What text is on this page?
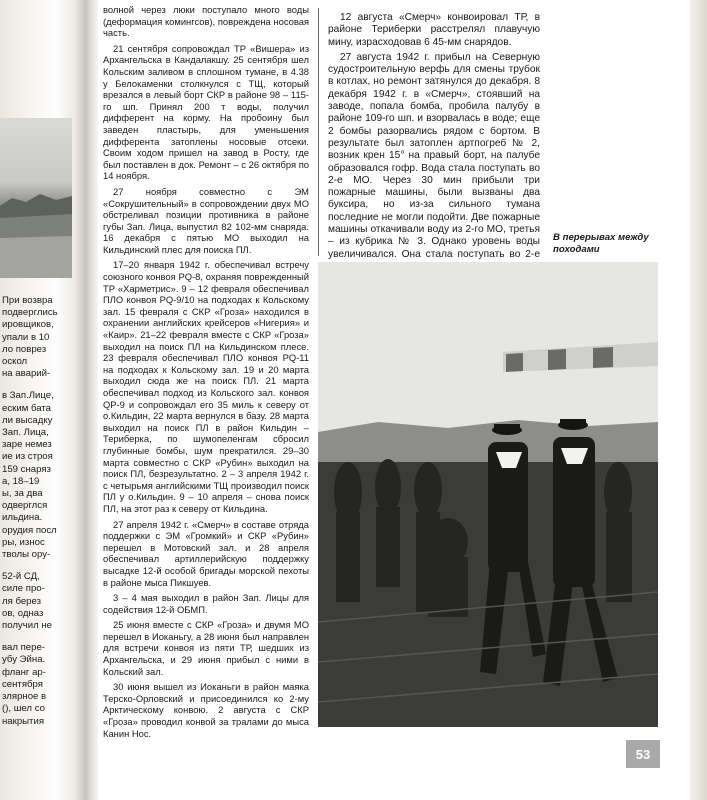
При возвра
подверглись
ировщиков,
упали в 10
ло поврез
оскол
на аварий-
в Зап.Лице,
еским бата
ли высадку
Зап. Лица,
заре немез
ие из строя
159 снаряз
а, 18–19
ы, за два
одверглся
ильдина.
орудия посл
ры, износ
тволы ору-
52-й СД,
силе про-
ля берез
ов, одназ
получил не
вал пере-
убу Эйна.
фланг ар-
сентября
злярное в
(), шел со
накрытия

волной через люки поступало много воды (деформация комингсов), повреждена носовая часть.

21 сентября сопровождал ТР «Вишера» из Архангельска в Кандалакшу. 25 сентября шел Кольским заливом в сплошном тумане, в 4.38 у Белокаменки столкнулся с ТЩ, который врезался в левый борт СКР в районе 98 – 115-го шп. Принял 200 т воды, получил дифферент на корму. На пробоину был заведен пластырь, для уменьшения дифферента затоплены носовые отсеки. Своим ходом пришел на завод в Росту, где был поставлен в док. Ремонт – с 26 октября по 14 ноября.

27 ноября совместно с ЭМ «Сокрушительный» в сопровождении двух МО обстреливал позиции противника в районе губы Зап. Лица, выпустил 82 102-мм снаряда. 16 декабря с пятью МО выходил на Кильдинский плес для поиска ПЛ.

17–20 января 1942 г. обеспечивал встречу союзного конвоя PQ-8, охраняя поврежденный ТР «Харметрис». 9 – 12 февраля обеспечивал ПЛО конвоя PQ-9/10 на подходах к Кольскому зал. 15 февраля с СКР «Гроза» находился в охранении английских крейсеров «Нигерия» и «Каир». 21–22 февраля вместе с СКР «Гроза» выходил на поиск ПЛ на Кильдинском плесе. 23 февраля обеспечивал ПЛО конвоя PQ-11 на подходах к Кольскому зал. 19 и 20 марта выходил сюда же на поиск ПЛ. 21 марта обеспечивал подход из Кольского зал. конвоя QP-9 и сопровождал его 35 миль к северу от о.Кильдин, 22 марта вернулся в базу. 28 марта выходил на поиск ПЛ в район Кильдин – Териберка, по шумопеленгам сбросил глубинные бомбы, шум прекратился. 29–30 марта совместно с СКР «Рубин» выходил на поиск ПЛ, безрезультатно. 2 – 3 апреля 1942 г. с четырьмя английскими ТЩ производил поиск ПЛ у о.Кильдин. 9 – 10 апреля – снова поиск ПЛ, на этот раз к северу от Кильдина.

27 апреля 1942 г. «Смерч» в составе отряда поддержки с ЭМ «Громкий» и СКР «Рубин» перешел в Мотовский зал. и 28 апреля обеспечивал артиллерийскую поддержку высадке 12-й особой бригады морской пехоты в районе мыса Пикшуев.

3 – 4 мая выходил в район Зап. Лицы для содействия 12-й ОБМП.

25 июня вместе с СКР «Гроза» и двумя МО перешел в Иоканьгу, а 28 июня был направлен для встречи конвоя из пяти ТР, шедших из Архангельска, и 29 июня прибыл с ними в Кольский зал.

30 июня вышел из Иоканьги в район маяка Терско-Орловский и присоединился ко 2-му Арктическому конвою. 2 августа с СКР «Гроза» проводил конвой за тралами до мыса Канин Нос.

12 августа «Смерч» конвоировал ТР, в районе Териберки расстрелял плавучую мину, израсходовав 6 45-мм снарядов.

27 августа 1942 г. прибыл на Северную судостроительную верфь для смены трубок в котлах, но ремонт затянулся до декабря. 8 декабря 1942 г. в «Смерч», стоявший на заводе, попала бомба, пробила палубу в районе 109-го шп. и взорвалась в воде; еще 2 бомбы разорвались рядом с бортом. В результате был затоплен артпогреб № 2, возник крен 15° на правый борт, на палубе образовался гофр. Вода стала поступать во 2-е МО. Через 30 мин прибыли три пожарные машины, были вызваны два буксира, но из-за сильного тумана последние не могли подойти. Две пожарные машины откачивали воду из 2-го МО, третья – из кубрика № 3. Однако уровень воды увеличивался. Она стала поступать во 2-е

В перерывах между походами
53
